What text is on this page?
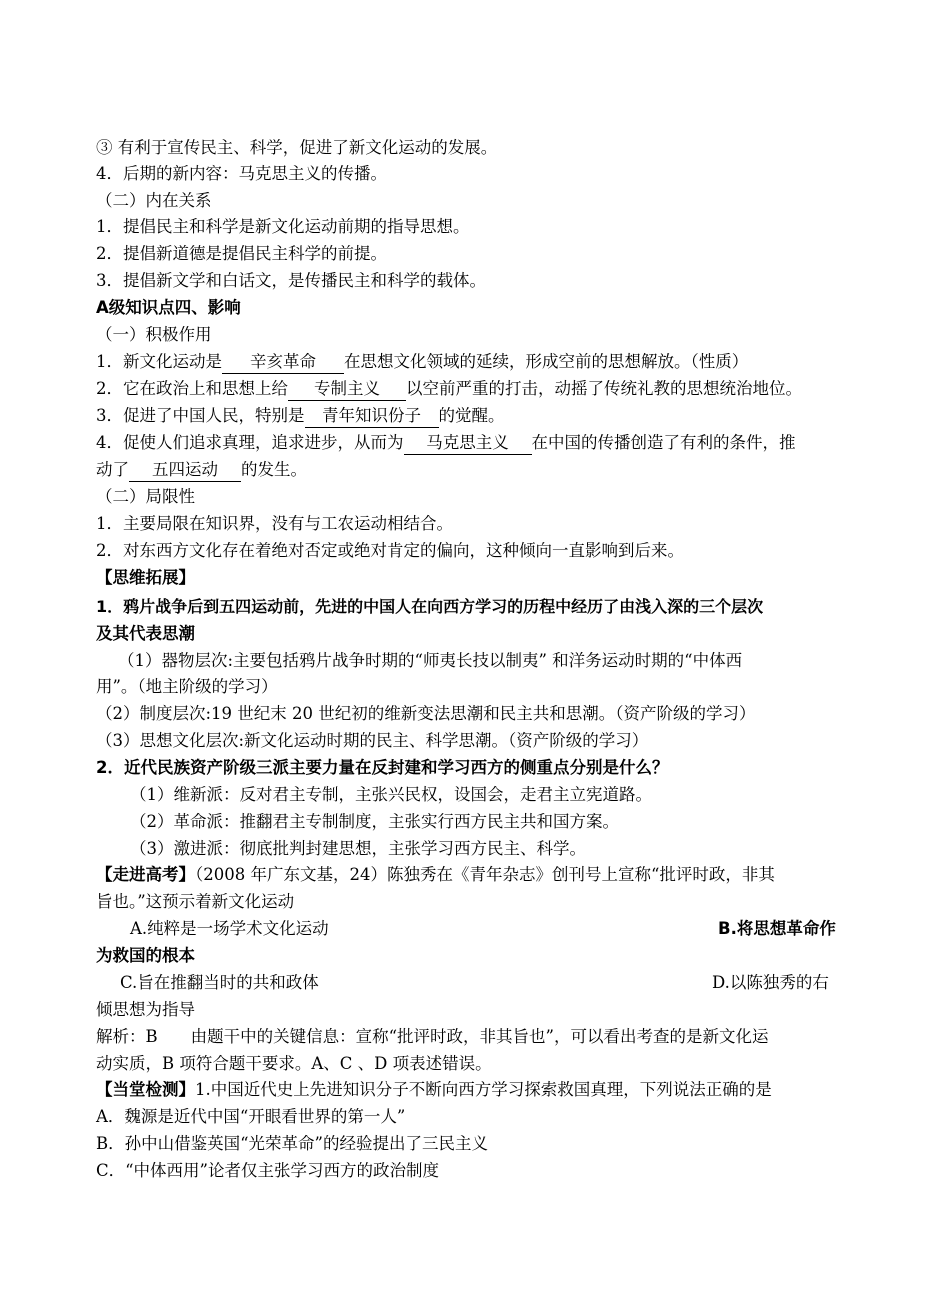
③ 有利于宣传民主、科学，促进了新文化运动的发展。
4．后期的新内容：马克思主义的传播。
（二）内在关系
1．提倡民主和科学是新文化运动前期的指导思想。
2．提倡新道德是提倡民主科学的前提。
3．提倡新文学和白话文，是传播民主和科学的载体。
A级知识点四、影响
（一）积极作用
1．新文化运动是 辛亥革命 在思想文化领域的延续，形成空前的思想解放。（性质）
2．它在政治上和思想上给 专制主义 以空前严重的打击，动摇了传统礼教的思想统治地位。
3．促进了中国人民，特别是 青年知识份子 的觉醒。
4．促使人们追求真理，追求进步，从而为 马克思主义 在中国的传播创造了有利的条件，推
动了 五四运动 的发生。
（二）局限性
1．主要局限在知识界，没有与工农运动相结合。
2．对东西方文化存在着绝对否定或绝对肯定的偏向，这种倾向一直影响到后来。
【思维拓展】
1．鸦片战争后到五四运动前，先进的中国人在向西方学习的历程中经历了由浅入深的三个层次
及其代表思潮
（1）器物层次:主要包括鸦片战争时期的“师夷长技以制夷” 和洋务运动时期的“中体西
用”。（地主阶级的学习）
（2）制度层次:19 世纪末 20 世纪初的维新变法思潮和民主共和思潮。（资产阶级的学习）
（3）思想文化层次:新文化运动时期的民主、科学思潮。（资产阶级的学习）
2．近代民族资产阶级三派主要力量在反封建和学习西方的侧重点分别是什么？
（1）维新派：反对君主专制，主张兴民权，设国会，走君主立宪道路。
（2）革命派：推翻君主专制制度，主张实行西方民主共和国方案。
（3）激进派：彻底批判封建思想，主张学习西方民主、科学。
【走进高考】（2008 年广东文基，24）陈独秀在《青年杂志》创刊号上宣称“批评时政，非其
旨也。”这预示着新文化运动
A.纯粹是一场学术文化运动	B.将思想革命作
为救国的根本
C.旨在推翻当时的共和政体	D.以陈独秀的右
倾思想为指导
解析：B　　由题干中的关键信息：宣称“批评时政，非其旨也”，可以看出考查的是新文化运
动实质，B 项符合题干要求。A、C 、D 项表述错误。
【当堂检测】1.中国近代史上先进知识分子不断向西方学习探索救国真理，下列说法正确的是
A．魏源是近代中国“开眼看世界的第一人”
B．孙中山借鉴英国“光荣革命”的经验提出了三民主义
C．“中体西用”论者仅主张学习西方的政治制度
